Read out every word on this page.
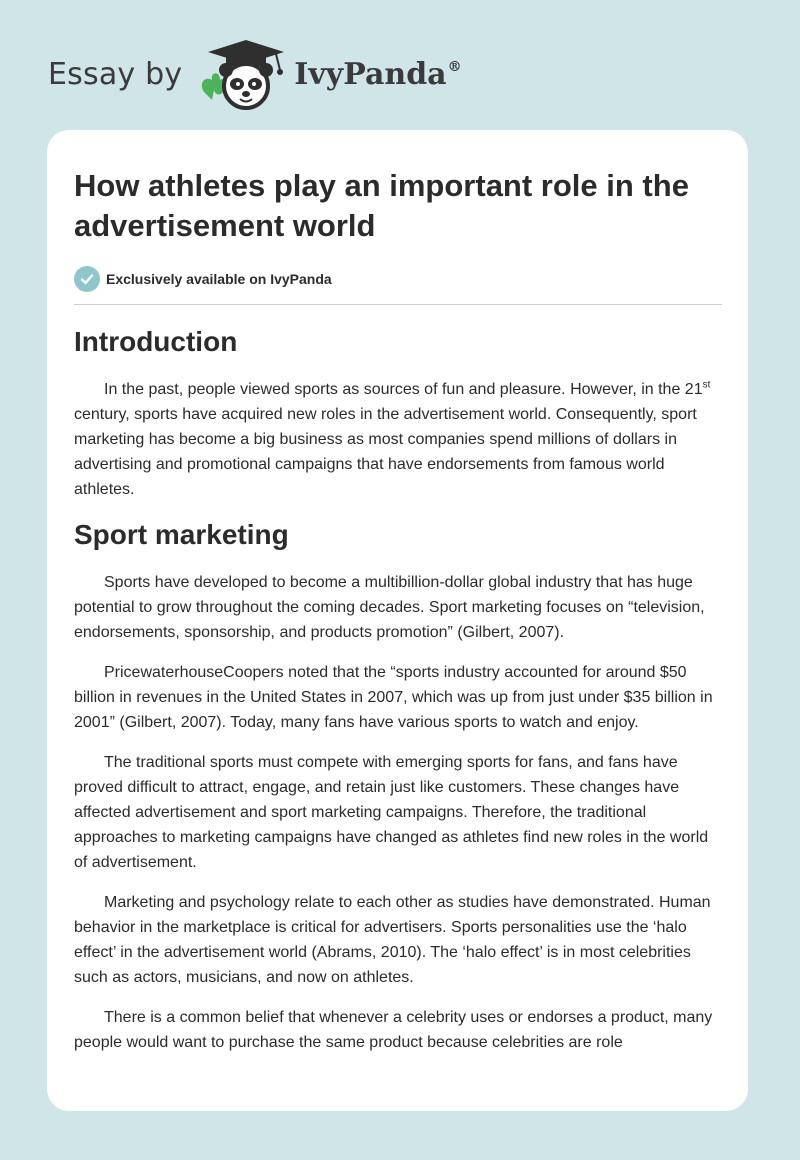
Essay by	IvyPanda®
How athletes play an important role in the advertisement world
Exclusively available on IvyPanda
Introduction

In the past, people viewed sports as sources of fun and pleasure. However, in the 21st century, sports have acquired new roles in the advertisement world. Consequently, sport marketing has become a big business as most companies spend millions of dollars in advertising and promotional campaigns that have endorsements from famous world athletes.

Sport marketing

Sports have developed to become a multibillion-dollar global industry that has huge potential to grow throughout the coming decades. Sport marketing focuses on “television, endorsements, sponsorship, and products promotion” (Gilbert, 2007).

PricewaterhouseCoopers noted that the “sports industry accounted for around $50 billion in revenues in the United States in 2007, which was up from just under $35 billion in 2001” (Gilbert, 2007). Today, many fans have various sports to watch and enjoy.

The traditional sports must compete with emerging sports for fans, and fans have proved difficult to attract, engage, and retain just like customers. These changes have affected advertisement and sport marketing campaigns. Therefore, the traditional approaches to marketing campaigns have changed as athletes find new roles in the world of advertisement.

Marketing and psychology relate to each other as studies have demonstrated. Human behavior in the marketplace is critical for advertisers. Sports personalities use the ‘halo effect’ in the advertisement world (Abrams, 2010). The ‘halo effect’ is in most celebrities such as actors, musicians, and now on athletes.

There is a common belief that whenever a celebrity uses or endorses a product, many people would want to purchase the same product because celebrities are role
